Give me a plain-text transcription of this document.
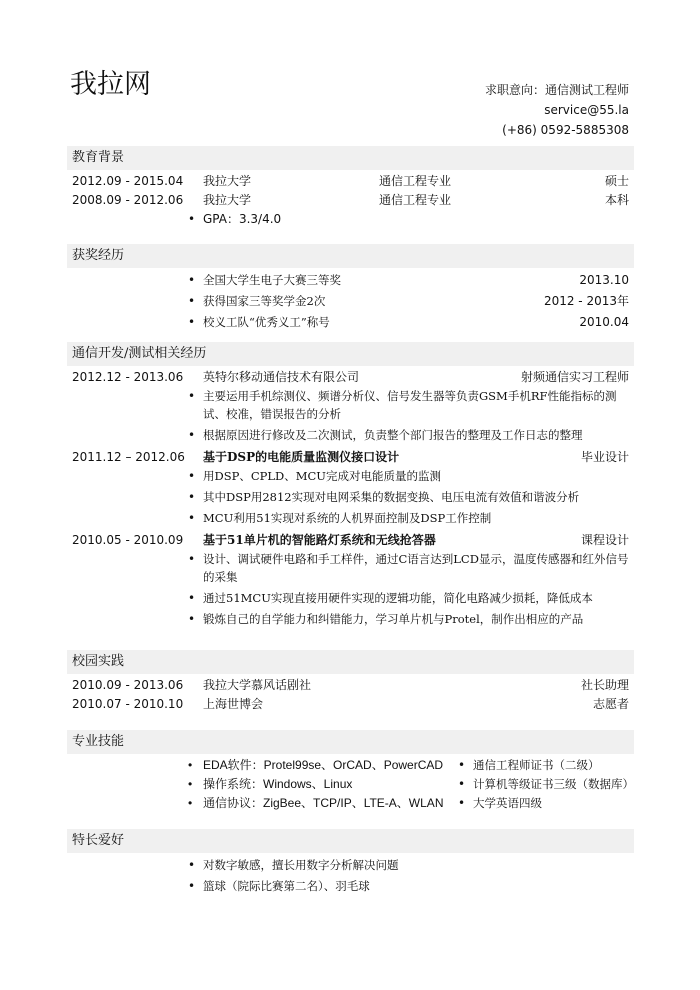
我拉网	求职意向：通信测试工程师
service@55.la
(+86) 0592-5885308
教育背景
2012.09 - 2015.04 我拉大学	通信工程专业	硕士
2008.09 - 2012.06 我拉大学	通信工程专业	本科
• GPA：3.3/4.0
获奖经历
• 全国大学生电子大赛三等奖	2013.10
• 获得国家三等奖学金2次	2012 - 2013年
• 校义工队“优秀义工”称号	2010.04
通信开发/测试相关经历
2012.12 - 2013.06 英特尔移动通信技术有限公司	射频通信实习工程师
• 主要运用手机综测仪、频谱分析仪、信号发生器等负责GSM手机RF性能指标的测试、校准，错误报告的分析
• 根据原因进行修改及二次测试，负责整个部门报告的整理及工作日志的整理
2011.12 – 2012.06 基于DSP的电能质量监测仪接口设计	毕业设计
• 用DSP、CPLD、MCU完成对电能质量的监测
• 其中DSP用2812实现对电网采集的数据变换、电压电流有效值和谐波分析
• MCU利用51实现对系统的人机界面控制及DSP工作控制
2010.05 - 2010.09 基于51单片机的智能路灯系统和无线抢答器	课程设计
• 设计、调试硬件电路和手工样件，通过C语言达到LCD显示，温度传感器和红外信号的采集
• 通过51MCU实现直接用硬件实现的逻辑功能，简化电路减少损耗，降低成本
• 锻炼自己的自学能力和纠错能力，学习单片机与Protel，制作出相应的产品
校园实践
2010.09 - 2013.06 我拉大学慕风话剧社	社长助理
2010.07 - 2010.10 上海世博会	志愿者
专业技能
• EDA软件：Protel99se、OrCAD、PowerCAD
• 操作系统：Windows、Linux
• 通信协议：ZigBee、TCP/IP、LTE-A、WLAN
• 通信工程师证书（二级）
• 计算机等级证书三级（数据库）
• 大学英语四级
特长爱好
• 对数字敏感，擅长用数字分析解决问题
• 篮球（院际比赛第二名）、羽毛球
